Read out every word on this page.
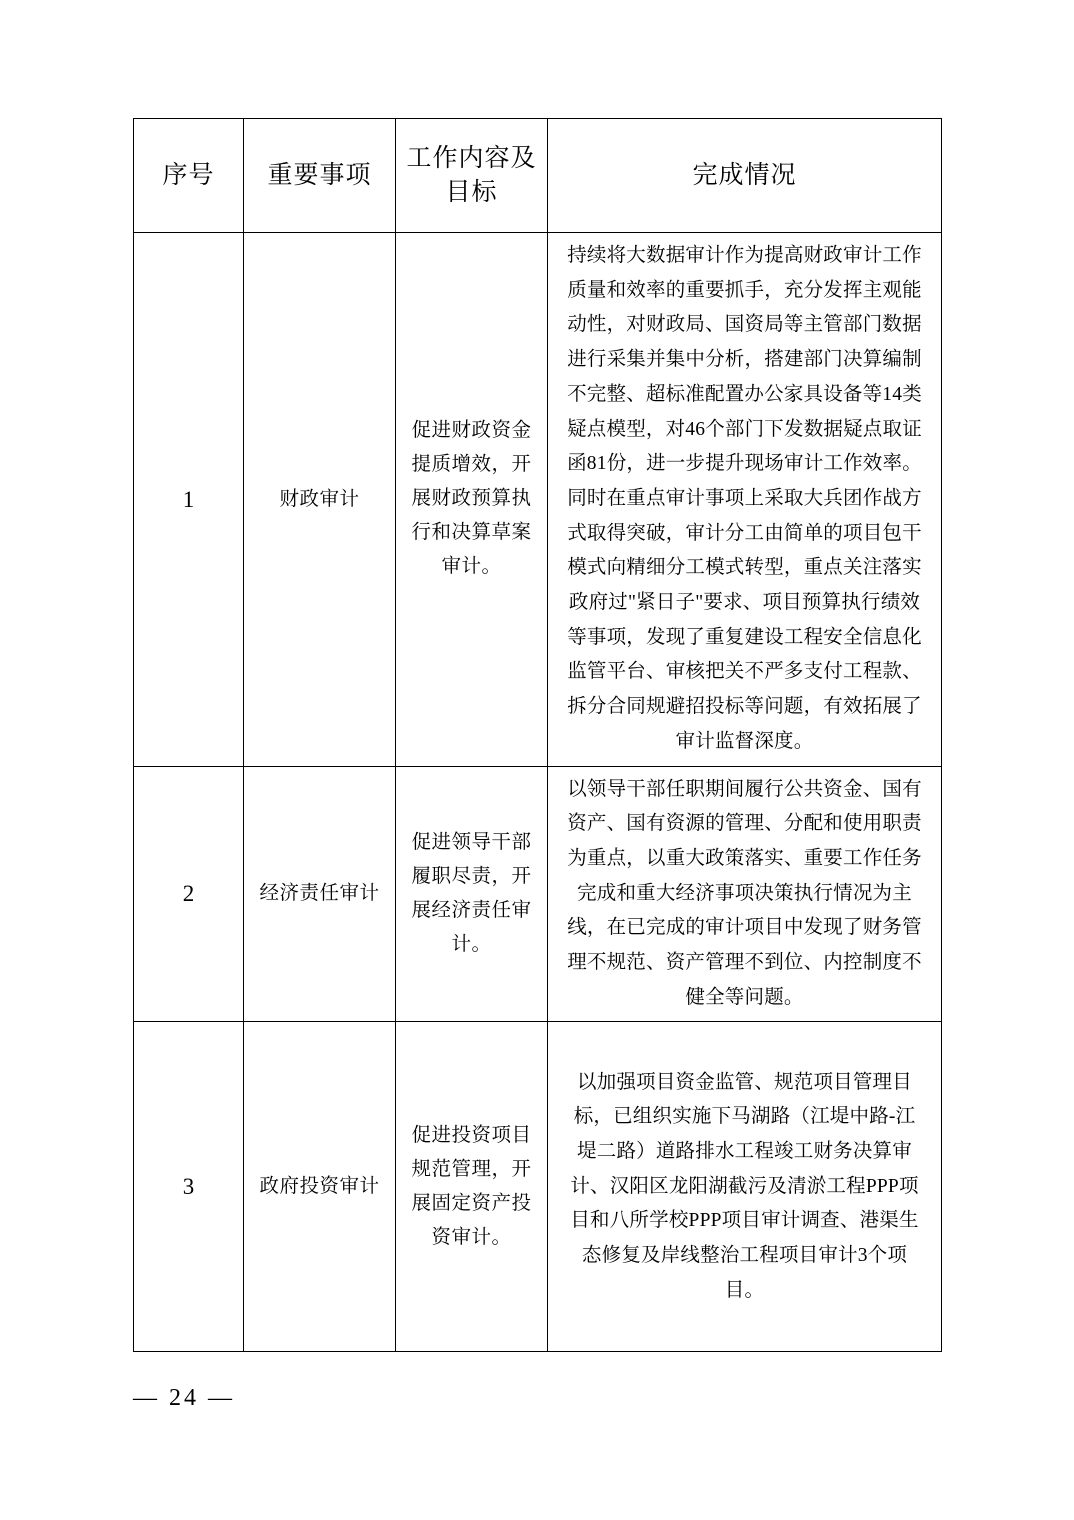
序号	重要事项	工作内容及目标	完成情况
1	财政审计	促进财政资金提质增效，开展财政预算执行和决算草案审计。	持续将大数据审计作为提高财政审计工作质量和效率的重要抓手，充分发挥主观能动性，对财政局、国资局等主管部门数据进行采集并集中分析，搭建部门决算编制不完整、超标准配置办公家具设备等14类疑点模型，对46个部门下发数据疑点取证函81份，进一步提升现场审计工作效率。同时在重点审计事项上采取大兵团作战方式取得突破，审计分工由简单的项目包干模式向精细分工模式转型，重点关注落实政府过"紧日子"要求、项目预算执行绩效等事项，发现了重复建设工程安全信息化监管平台、审核把关不严多支付工程款、拆分合同规避招投标等问题，有效拓展了审计监督深度。
2	经济责任审计	促进领导干部履职尽责，开展经济责任审计。	以领导干部任职期间履行公共资金、国有资产、国有资源的管理、分配和使用职责为重点，以重大政策落实、重要工作任务完成和重大经济事项决策执行情况为主线，在已完成的审计项目中发现了财务管理不规范、资产管理不到位、内控制度不健全等问题。
3	政府投资审计	促进投资项目规范管理，开展固定资产投资审计。	以加强项目资金监管、规范项目管理目标，已组织实施下马湖路（江堤中路-江堤二路）道路排水工程竣工财务决算审计、汉阳区龙阳湖截污及清淤工程PPP项目和八所学校PPP项目审计调查、港渠生态修复及岸线整治工程项目审计3个项目。
— 24 —
